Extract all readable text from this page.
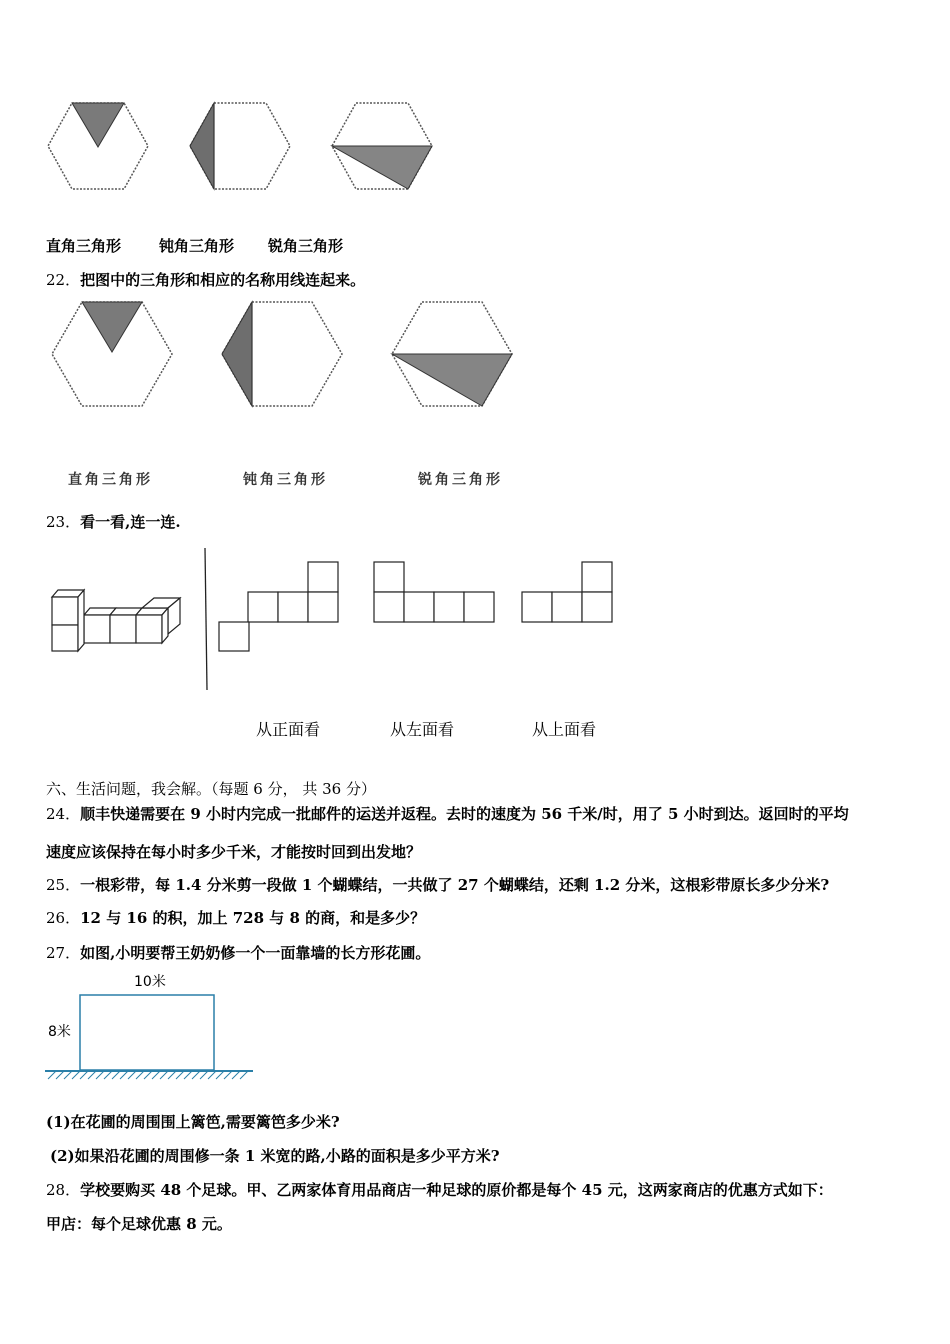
直角三角形	钝角三角形 锐角三角形
22．把图中的三角形和相应的名称用线连起来。
直角三角形	钝角三角形	锐角三角形
23．看一看,连一连.
从正面看	从左面看	从上面看
六、生活问题，我会解。（每题 6 分， 共 36 分）
24．顺丰快递需要在 9 小时内完成一批邮件的运送并返程。去时的速度为 56 千米/时，用了 5 小时到达。返回时的平均
速度应该保持在每小时多少千米，才能按时回到出发地？
25．一根彩带，每 1.4 分米剪一段做 1 个蝴蝶结，一共做了 27 个蝴蝶结，还剩 1.2 分米，这根彩带原长多少分米?
26．12 与 16 的积，加上 728 与 8 的商，和是多少？
27．如图,小明要帮王奶奶修一个一面靠墙的长方形花圃。
10米
8米
(1)在花圃的周围围上篱笆,需要篱笆多少米?
(2)如果沿花圃的周围修一条 1 米宽的路,小路的面积是多少平方米?
28．学校要购买 48 个足球。甲、乙两家体育用品商店一种足球的原价都是每个 45 元，这两家商店的优惠方式如下：
甲店：每个足球优惠 8 元。
